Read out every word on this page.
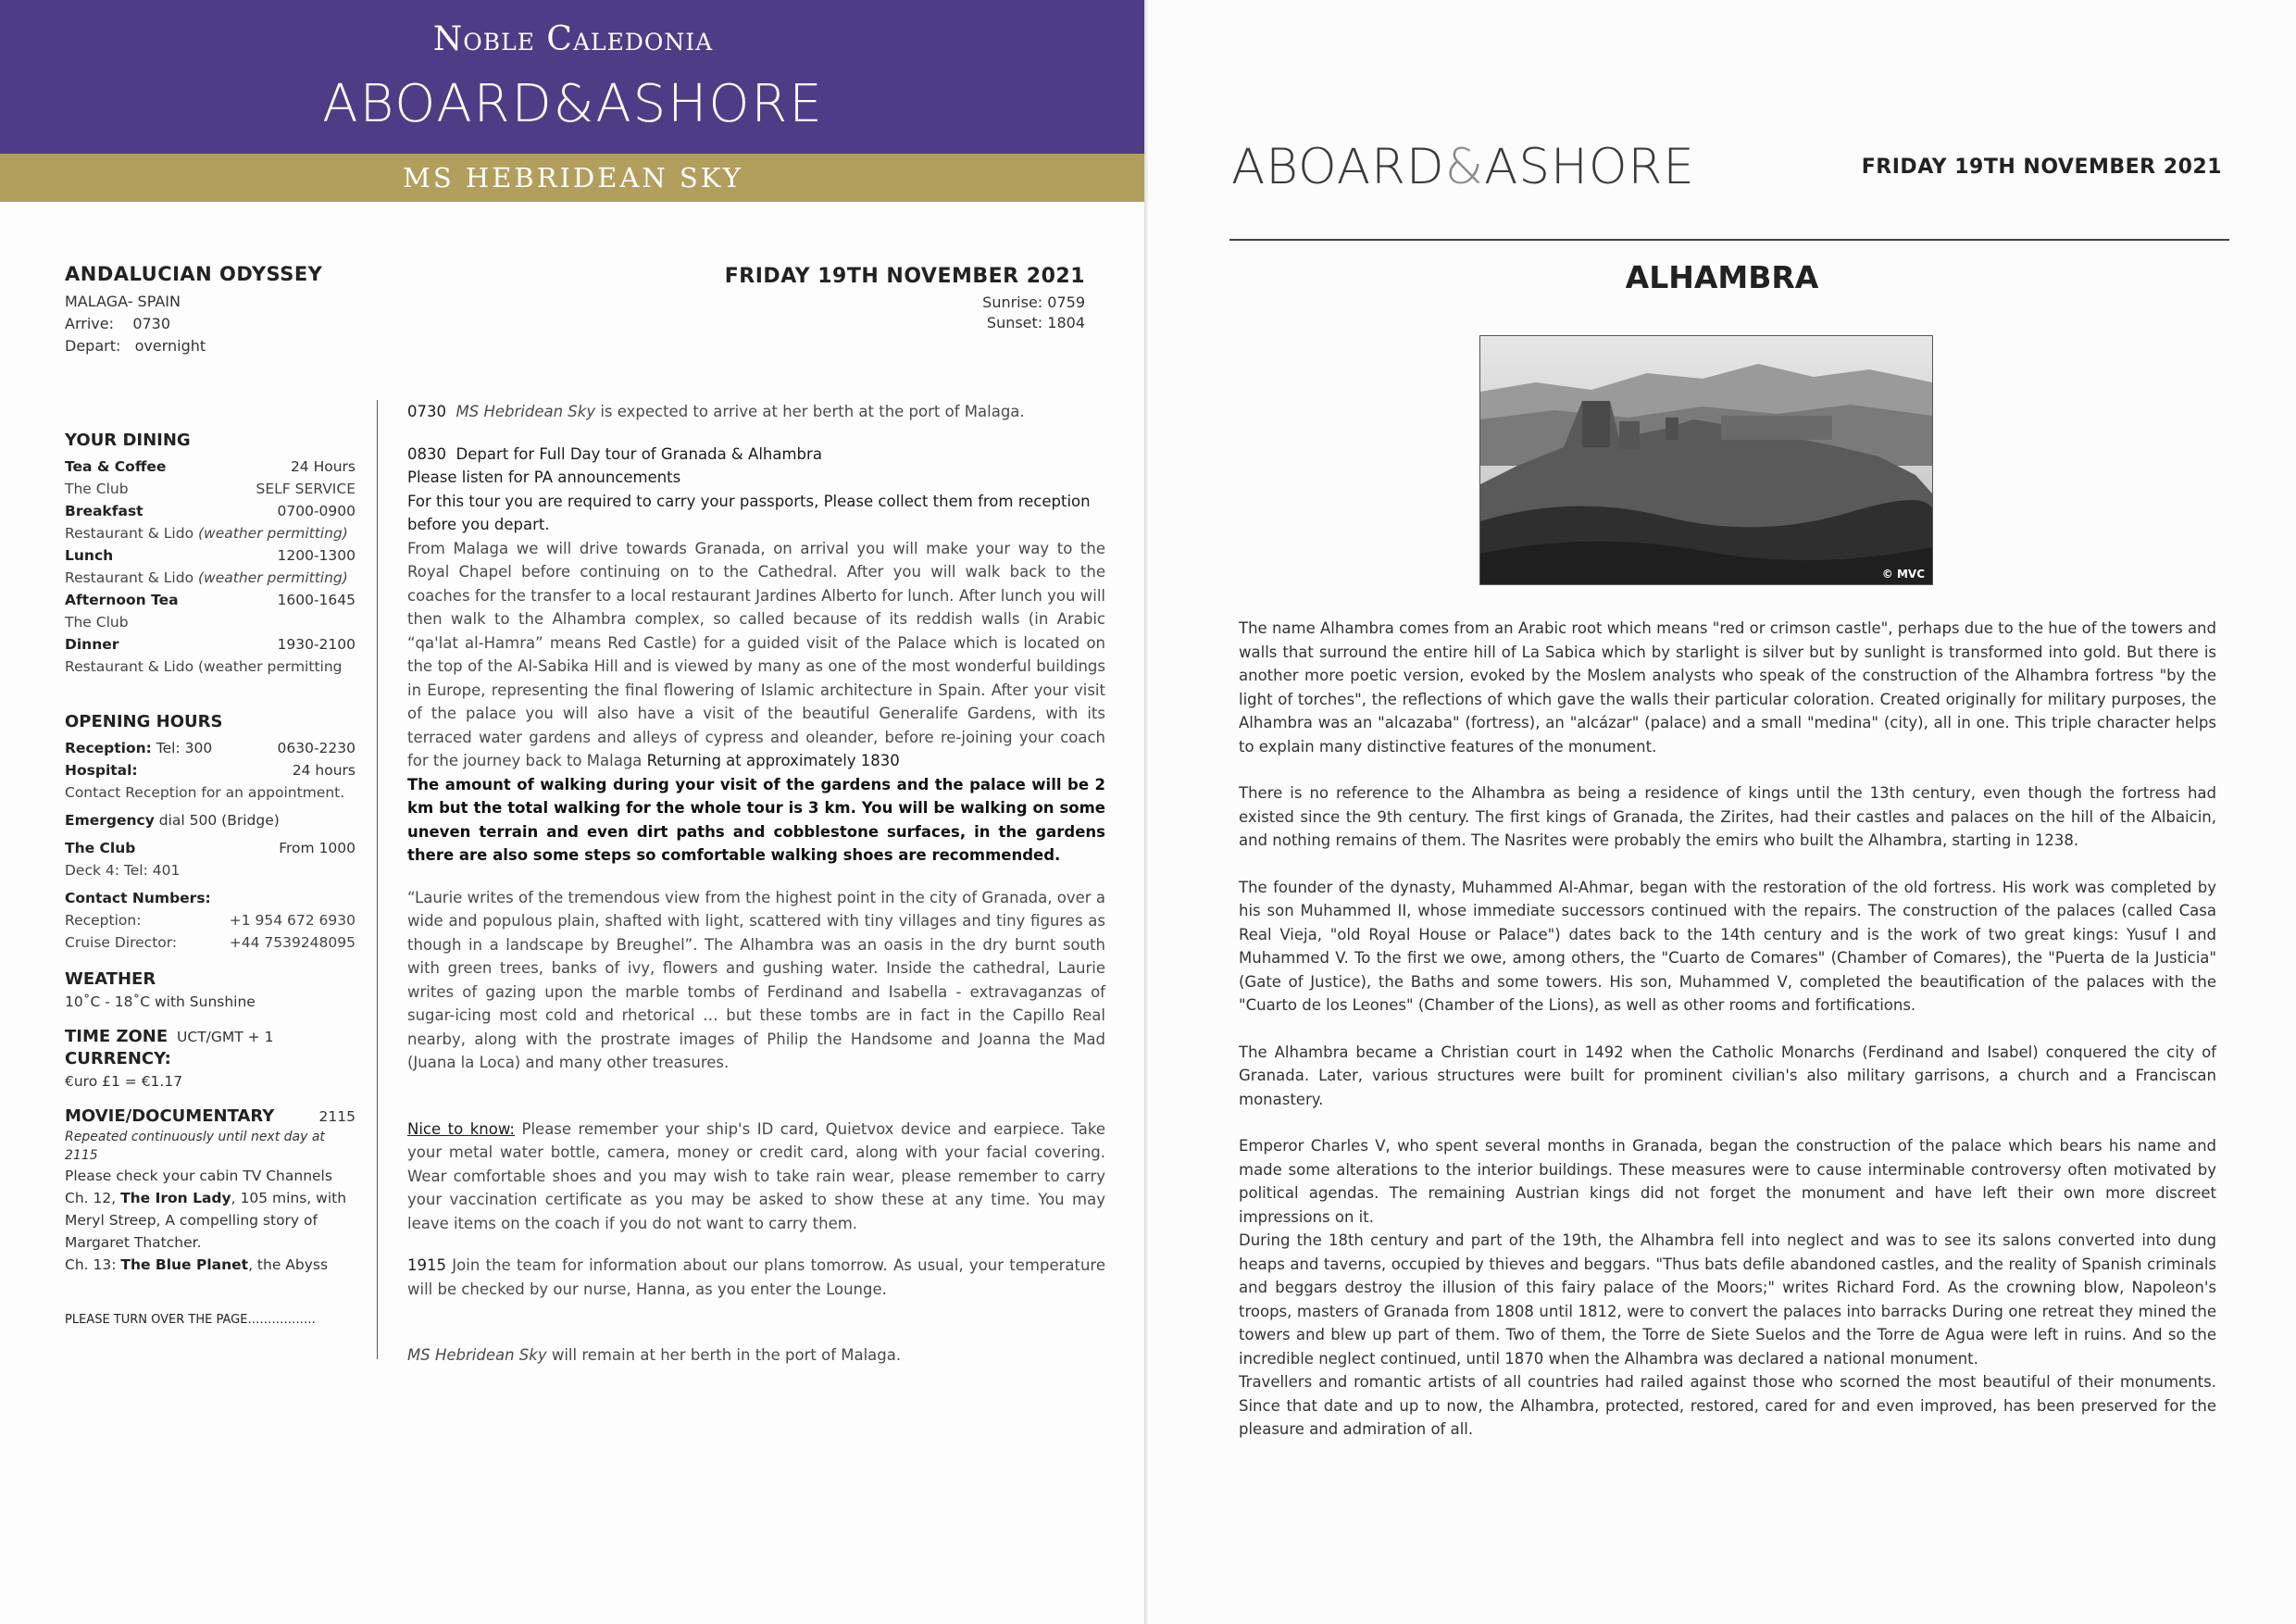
Noble Caledonia
ABOARD&ASHORE
MS HEBRIDEAN SKY
ANDALUCIAN ODYSSEY
MALAGA- SPAIN
Arrive: 0730
Depart: overnight
FRIDAY 19TH NOVEMBER 2021
Sunrise: 0759
Sunset: 1804
YOUR DINING
Tea & Coffee	24 Hours
The Club	SELF SERVICE
Breakfast	0700-0900
Restaurant & Lido (weather permitting)
Lunch	1200-1300
Restaurant & Lido (weather permitting)
Afternoon Tea	1600-1645
The Club
Dinner	1930-2100
Restaurant & Lido (weather permitting
OPENING HOURS
Reception: Tel: 300	0630-2230
Hospital:	24 hours
Contact Reception for an appointment.
Emergency dial 500 (Bridge)
The Club	From 1000
Deck 4: Tel: 401
Contact Numbers:
Reception:	+1 954 672 6930
Cruise Director:	+44 7539248095
WEATHER
10˚C - 18˚C with Sunshine
TIME ZONE UCT/GMT + 1
CURRENCY:
€uro £1 = €1.17
MOVIE/DOCUMENTARY	2115
Repeated continuously until next day at 2115
Please check your cabin TV Channels
Ch. 12, The Iron Lady, 105 mins, with Meryl Streep, A compelling story of Margaret Thatcher.
Ch. 13: The Blue Planet, the Abyss
PLEASE TURN OVER THE PAGE……………..

0730 MS Hebridean Sky is expected to arrive at her berth at the port of Malaga.

0830 Depart for Full Day tour of Granada & Alhambra

Please listen for PA announcements

For this tour you are required to carry your passports, Please collect them from reception before you depart.

From Malaga we will drive towards Granada, on arrival you will make your way to the Royal Chapel before continuing on to the Cathedral. After you will walk back to the coaches for the transfer to a local restaurant Jardines Alberto for lunch. After lunch you will then walk to the Alhambra complex, so called because of its reddish walls (in Arabic “qa'lat al-Hamra” means Red Castle) for a guided visit of the Palace which is located on the top of the Al-Sabika Hill and is viewed by many as one of the most wonderful buildings in Europe, representing the final flowering of Islamic architecture in Spain. After your visit of the palace you will also have a visit of the beautiful Generalife Gardens, with its terraced water gardens and alleys of cypress and oleander, before re-joining your coach for the journey back to Malaga Returning at approximately 1830

The amount of walking during your visit of the gardens and the palace will be 2 km but the total walking for the whole tour is 3 km. You will be walking on some uneven terrain and even dirt paths and cobblestone surfaces, in the gardens there are also some steps so comfortable walking shoes are recommended.

“Laurie writes of the tremendous view from the highest point in the city of Granada, over a wide and populous plain, shafted with light, scattered with tiny villages and tiny figures as though in a landscape by Breughel”. The Alhambra was an oasis in the dry burnt south with green trees, banks of ivy, flowers and gushing water. Inside the cathedral, Laurie writes of gazing upon the marble tombs of Ferdinand and Isabella - extravaganzas of sugar-icing most cold and rhetorical … but these tombs are in fact in the Capillo Real nearby, along with the prostrate images of Philip the Handsome and Joanna the Mad (Juana la Loca) and many other treasures.

Nice to know: Please remember your ship's ID card, Quietvox device and earpiece. Take your metal water bottle, camera, money or credit card, along with your facial covering. Wear comfortable shoes and you may wish to take rain wear, please remember to carry your vaccination certificate as you may be asked to show these at any time. You may leave items on the coach if you do not want to carry them.

1915 Join the team for information about our plans tomorrow. As usual, your temperature will be checked by our nurse, Hanna, as you enter the Lounge.

MS Hebridean Sky will remain at her berth in the port of Malaga.

ABOARD&ASHORE	FRIDAY 19TH NOVEMBER 2021
ALHAMBRA
© MVC

The name Alhambra comes from an Arabic root which means "red or crimson castle", perhaps due to the hue of the towers and walls that surround the entire hill of La Sabica which by starlight is silver but by sunlight is transformed into gold. But there is another more poetic version, evoked by the Moslem analysts who speak of the construction of the Alhambra fortress "by the light of torches", the reflections of which gave the walls their particular coloration. Created originally for military purposes, the Alhambra was an "alcazaba" (fortress), an "alcázar" (palace) and a small "medina" (city), all in one. This triple character helps to explain many distinctive features of the monument.

There is no reference to the Alhambra as being a residence of kings until the 13th century, even though the fortress had existed since the 9th century. The first kings of Granada, the Zirites, had their castles and palaces on the hill of the Albaicin, and nothing remains of them. The Nasrites were probably the emirs who built the Alhambra, starting in 1238.

The founder of the dynasty, Muhammed Al-Ahmar, began with the restoration of the old fortress. His work was completed by his son Muhammed II, whose immediate successors continued with the repairs. The construction of the palaces (called Casa Real Vieja, "old Royal House or Palace") dates back to the 14th century and is the work of two great kings: Yusuf I and Muhammed V. To the first we owe, among others, the "Cuarto de Comares" (Chamber of Comares), the "Puerta de la Justicia" (Gate of Justice), the Baths and some towers. His son, Muhammed V, completed the beautification of the palaces with the "Cuarto de los Leones" (Chamber of the Lions), as well as other rooms and fortifications.

The Alhambra became a Christian court in 1492 when the Catholic Monarchs (Ferdinand and Isabel) conquered the city of Granada. Later, various structures were built for prominent civilian's also military garrisons, a church and a Franciscan monastery.

Emperor Charles V, who spent several months in Granada, began the construction of the palace which bears his name and made some alterations to the interior buildings. These measures were to cause interminable controversy often motivated by political agendas. The remaining Austrian kings did not forget the monument and have left their own more discreet impressions on it.

During the 18th century and part of the 19th, the Alhambra fell into neglect and was to see its salons converted into dung heaps and taverns, occupied by thieves and beggars. "Thus bats defile abandoned castles, and the reality of Spanish criminals and beggars destroy the illusion of this fairy palace of the Moors;" writes Richard Ford. As the crowning blow, Napoleon's troops, masters of Granada from 1808 until 1812, were to convert the palaces into barracks During one retreat they mined the towers and blew up part of them. Two of them, the Torre de Siete Suelos and the Torre de Agua were left in ruins. And so the incredible neglect continued, until 1870 when the Alhambra was declared a national monument.

Travellers and romantic artists of all countries had railed against those who scorned the most beautiful of their monuments. Since that date and up to now, the Alhambra, protected, restored, cared for and even improved, has been preserved for the pleasure and admiration of all.
